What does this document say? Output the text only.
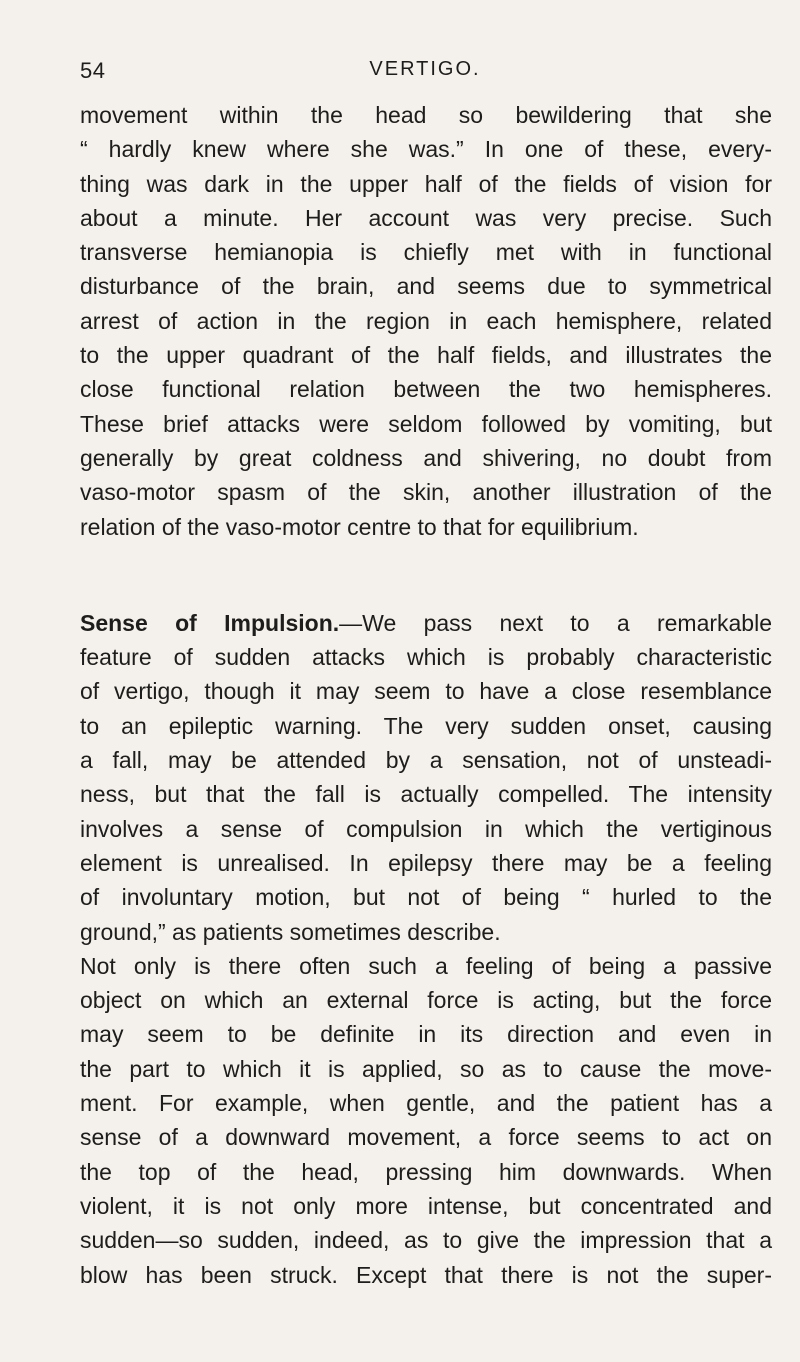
54	VERTIGO.
movement within the head so bewildering that she
“ hardly knew where she was.” In one of these, every-
thing was dark in the upper half of the fields of vision for
about a minute. Her account was very precise. Such
transverse hemianopia is chiefly met with in functional
disturbance of the brain, and seems due to symmetrical
arrest of action in the region in each hemisphere, related
to the upper quadrant of the half fields, and illustrates the
close functional relation between the two hemispheres.
These brief attacks were seldom followed by vomiting, but
generally by great coldness and shivering, no doubt from
vaso-motor spasm of the skin, another illustration of the
relation of the vaso-motor centre to that for equilibrium.
Sense of Impulsion.—We pass next to a remarkable
feature of sudden attacks which is probably characteristic
of vertigo, though it may seem to have a close resemblance
to an epileptic warning. The very sudden onset, causing
a fall, may be attended by a sensation, not of unsteadi-
ness, but that the fall is actually compelled. The intensity
involves a sense of compulsion in which the vertiginous
element is unrealised. In epilepsy there may be a feeling
of involuntary motion, but not of being “ hurled to the
ground,” as patients sometimes describe.
Not only is there often such a feeling of being a passive
object on which an external force is acting, but the force
may seem to be definite in its direction and even in
the part to which it is applied, so as to cause the move-
ment. For example, when gentle, and the patient has a
sense of a downward movement, a force seems to act on
the top of the head, pressing him downwards. When
violent, it is not only more intense, but concentrated and
sudden—so sudden, indeed, as to give the impression that a
blow has been struck. Except that there is not the super-
